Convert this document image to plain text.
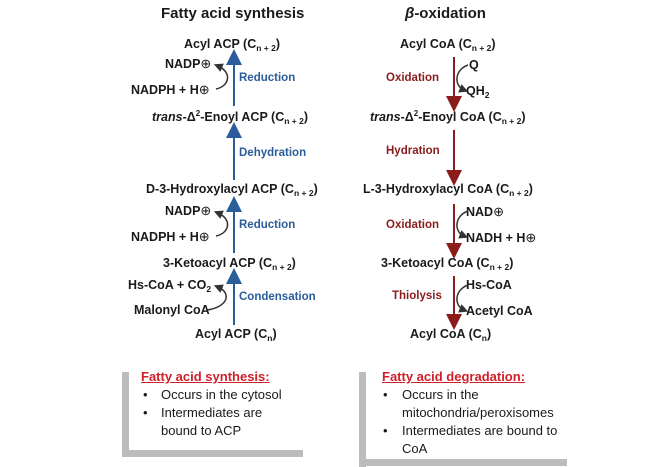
Fatty acid synthesis	β-oxidation
Acyl ACP $(C_{n + 2})$
NADP⊕
Reduction
NADPH + H⊕
trans-$\Delta^2$-Enoyl ACP $(C_{n + 2})$
Dehydration
D-3-Hydroxylacyl ACP $(C_{n + 2})$
NADP⊕
Reduction
NADPH + H⊕
3-Ketoacyl ACP $(C_{n + 2})$
$Hs-CoA + CO_2$
Condensation
Malonyl CoA
Acyl ACP $(C_n)$
Acyl CoA $(C_{n + 2})$
Oxidation
Q
$QH_2$
trans-$\Delta^2$-Enoyl CoA $(C_{n + 2})$
Hydration
L-3-Hydroxylacyl CoA $(C_{n + 2})$
Oxidation
NAD⊕
NADH + H⊕
3-Ketoacyl CoA $(C_{n + 2})$
Thiolysis
Hs-CoA
Acetyl CoA
Acyl CoA $(C_n)$
Fatty acid synthesis:
• Occurs in the cytosol
• Intermediates are
bound to ACP
Fatty acid degradation:
• Occurs in the
mitochondria/peroxisomes
• Intermediates are bound to
CoA
